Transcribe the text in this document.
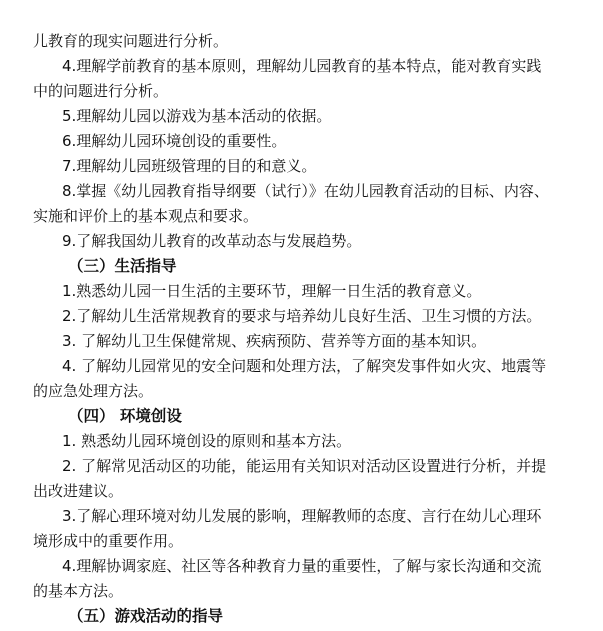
儿教育的现实问题进行分析。
4.理解学前教育的基本原则，理解幼儿园教育的基本特点，能对教育实践
中的问题进行分析。
5.理解幼儿园以游戏为基本活动的依据。
6.理解幼儿园环境创设的重要性。
7.理解幼儿园班级管理的目的和意义。
8.掌握《幼儿园教育指导纲要（试行）》在幼儿园教育活动的目标、内容、
实施和评价上的基本观点和要求。
9.了解我国幼儿教育的改革动态与发展趋势。
（三）生活指导
1.熟悉幼儿园一日生活的主要环节，理解一日生活的教育意义。
2.了解幼儿生活常规教育的要求与培养幼儿良好生活、卫生习惯的方法。
3. 了解幼儿卫生保健常规、疾病预防、营养等方面的基本知识。
4. 了解幼儿园常见的安全问题和处理方法，了解突发事件如火灾、地震等
的应急处理方法。
（四） 环境创设
1. 熟悉幼儿园环境创设的原则和基本方法。
2. 了解常见活动区的功能，能运用有关知识对活动区设置进行分析，并提
出改进建议。
3.了解心理环境对幼儿发展的影响，理解教师的态度、言行在幼儿心理环
境形成中的重要作用。
4.理解协调家庭、社区等各种教育力量的重要性，了解与家长沟通和交流
的基本方法。
（五）游戏活动的指导
